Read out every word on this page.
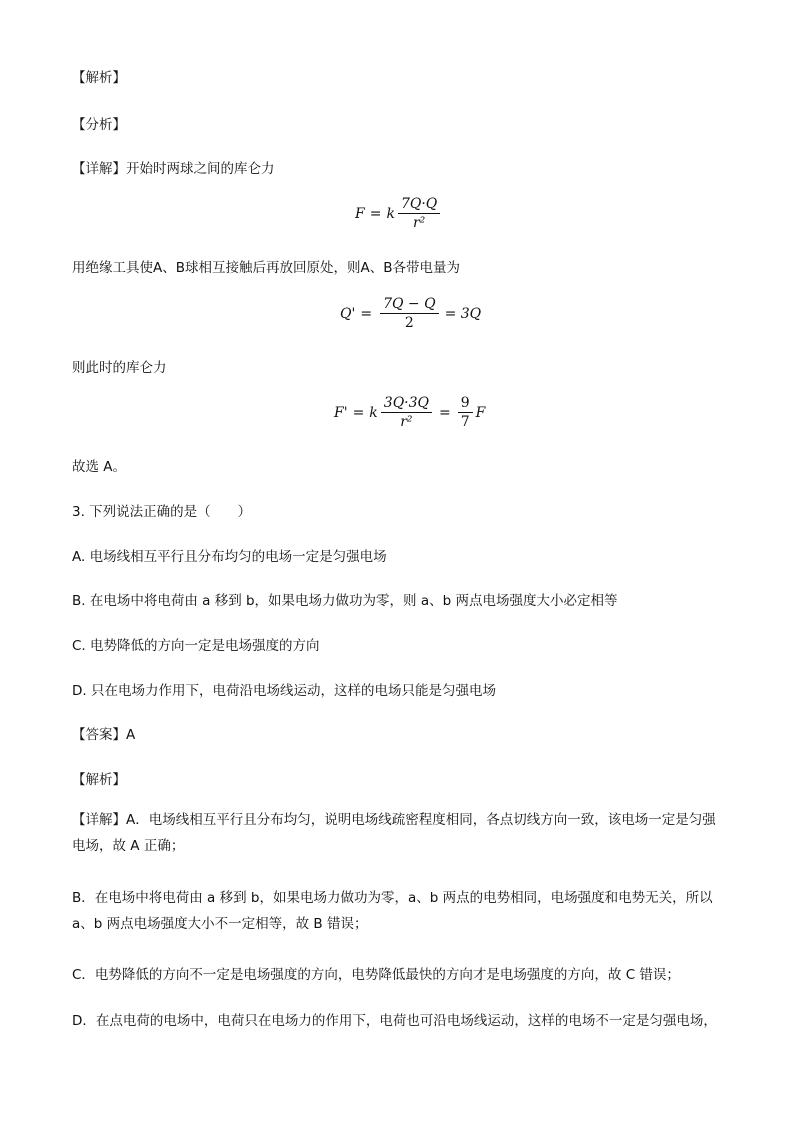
【解析】
【分析】
【详解】开始时两球之间的库仑力
F = k $\frac{7Q\cdot Q}{\text{r²}}$
用绝缘工具使A、B球相互接触后再放回原处，则A、B各带电量为
$Q' = \frac{7Q - Q}{2} = 3Q$
则此时的库仑力
F' = k $\frac{3Q\cdot 3Q}{\text{r²}} = \frac{9}{7}$ F
故选 A。
3. 下列说法正确的是（　　）
A. 电场线相互平行且分布均匀的电场一定是匀强电场
B. 在电场中将电荷由 a 移到 b，如果电场力做功为零，则 a、b 两点电场强度大小必定相等
C. 电势降低的方向一定是电场强度的方向
D. 只在电场力作用下，电荷沿电场线运动，这样的电场只能是匀强电场
【答案】A
【解析】
【详解】A．电场线相互平行且分布均匀，说明电场线疏密程度相同，各点切线方向一致，该电场一定是匀强电场，故 A 正确；
B．在电场中将电荷由 a 移到 b，如果电场力做功为零，a、b 两点的电势相同，电场强度和电势无关，所以 a、b 两点电场强度大小不一定相等，故 B 错误；
C．电势降低的方向不一定是电场强度的方向，电势降低最快的方向才是电场强度的方向，故 C 错误；
D．在点电荷的电场中，电荷只在电场力的作用下，电荷也可沿电场线运动，这样的电场不一定是匀强电场，
